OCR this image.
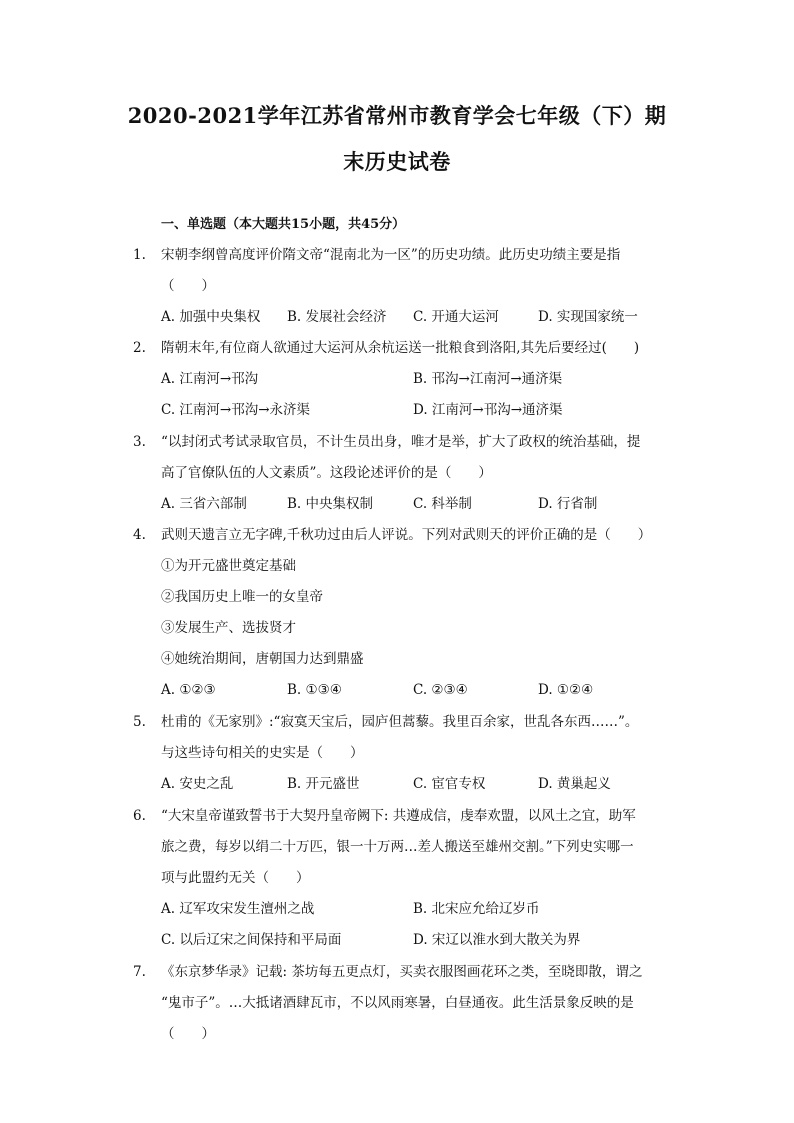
2020-2021学年江苏省常州市教育学会七年级（下）期
末历史试卷
一、单选题（本大题共15小题，共45分）
1. 宋朝李纲曾高度评价隋文帝“混南北为一区”的历史功绩。此历史功绩主要是指
（　　）
A. 加强中央集权 B. 发展社会经济 C. 开通大运河	D. 实现国家统一
2. 隋朝末年,有位商人欲通过大运河从余杭运送一批粮食到洛阳,其先后要经过(　　)
A. 江南河→邗沟	B. 邗沟→江南河→通济渠
C. 江南河→邗沟→永济渠	D. 江南河→邗沟→通济渠
3. “以封闭式考试录取官员，不计生员出身，唯才是举，扩大了政权的统治基础，提
高了官僚队伍的人文素质”。这段论述评价的是（　　）
A. 三省六部制	B. 中央集权制	C. 科举制	D. 行省制
4. 武则天遗言立无字碑,千秋功过由后人评说。下列对武则天的评价正确的是（　　）
①为开元盛世奠定基础
②我国历史上唯一的女皇帝
③发展生产、选拔贤才
④她统治期间，唐朝国力达到鼎盛
A. ①②③	B. ①③④	C. ②③④	D. ①②④
5. 杜甫的《无家别》:“寂寞天宝后，园庐但蒿藜。我里百余家，世乱各东西……”。
与这些诗句相关的史实是（　　）
A. 安史之乱	B. 开元盛世	C. 宦官专权	D. 黄巢起义
6. “大宋皇帝谨致誓书于大契丹皇帝阙下: 共遵成信，虔奉欢盟，以风土之宜，助军
旅之费，每岁以绢二十万匹，银一十万两…差人搬送至雄州交割。”下列史实哪一
项与此盟约无关（　　）
A. 辽军攻宋发生澶州之战	B. 北宋应允给辽岁币
C. 以后辽宋之间保持和平局面	D. 宋辽以淮水到大散关为界
7. 《东京梦华录》记载: 茶坊每五更点灯，买卖衣服图画花环之类，至晓即散，谓之
“鬼市子”。…大抵诸酒肆瓦市，不以风雨寒暑，白昼通夜。此生活景象反映的是
（　　）
